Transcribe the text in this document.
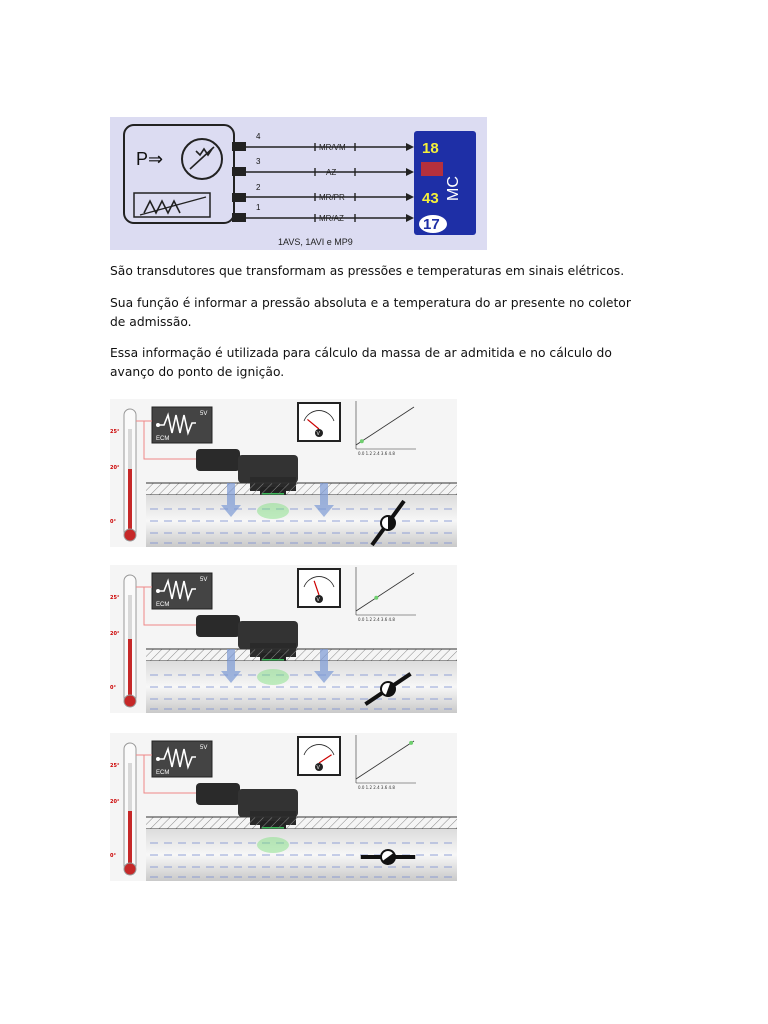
P⇒
4
3
2
1
MR/VM
AZ
MR/PR
MR/AZ
1AVS, 1AVI e MP9
18
43
17
MC

São transdutores que transformam as pressões e temperaturas em sinais elétricos.

Sua função é informar a pressão absoluta e a temperatura do ar presente no coletor de admissão.

Essa informação é utilizada para cálculo da massa de ar admitida e no cálculo do avanço do ponto de ignição.

25°
20°
0°
ECM
5V
V
0.0 1.2 2.4 3.6 4.8
25°
20°
0°
ECM
5V
V
0.0 1.2 2.4 3.6 4.8
25°
20°
0°
ECM
5V
V
0.0 1.2 2.4 3.6 4.8
